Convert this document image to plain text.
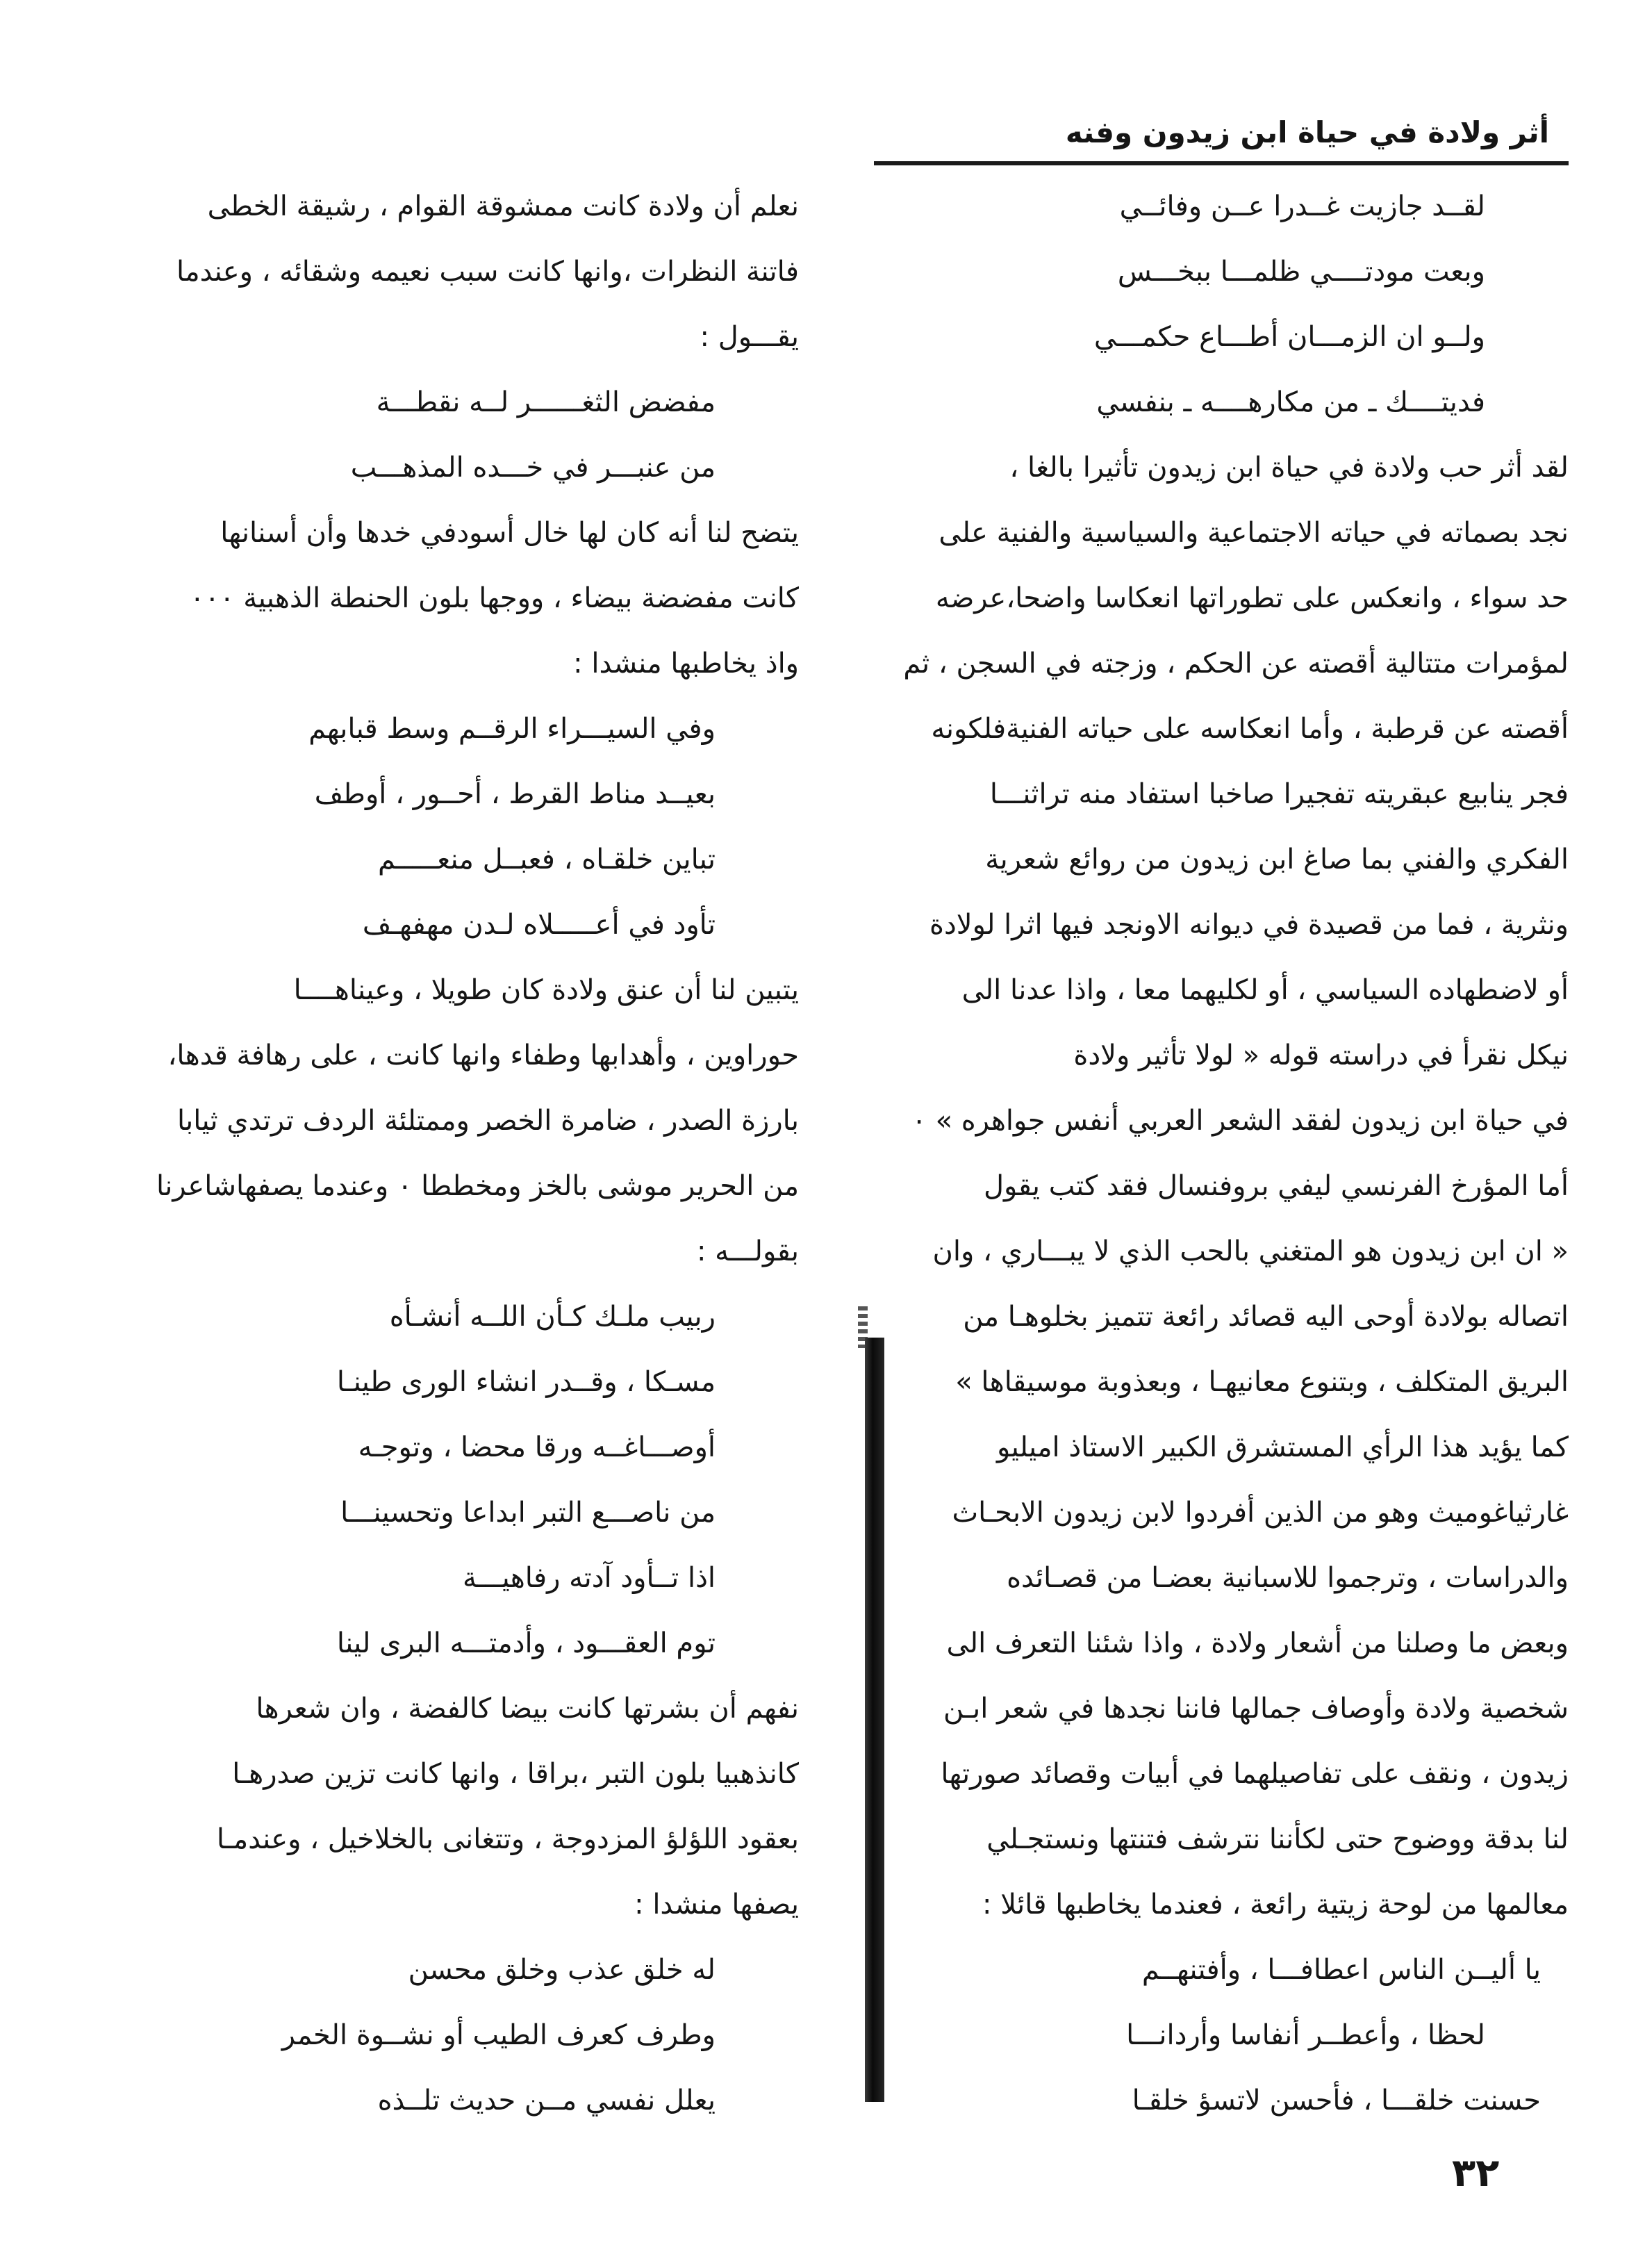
أثر ولادة في حياة ابن زيدون وفنه
لقــد جازيت غــدرا عــن وفائــي
وبعت مودتــــي ظلمـــا ببخـــس
ولــو ان الزمـــان أطـــاع حكمـــي
فديتــــك ـ من مكارهــــه ـ بنفسي
لقد أثر حب ولادة في حياة ابن زيدون تأثيرا بالغا ،
نجد بصماته في حياته الاجتماعية والسياسية والفنية على
حد سواء ، وانعكس على تطوراتها انعكاسا واضحا،عرضه
لمؤمرات متتالية أقصته عن الحكم ، وزجته في السجن ، ثم
أقصته عن قرطبة ، وأما انعكاسه على حياته الفنيةفلكونه
فجر ينابيع عبقريته تفجيرا صاخبا استفاد منه تراثنـــا
الفكري والفني بما صاغ ابن زيدون من روائع شعرية
ونثرية ، فما من قصيدة في ديوانه الاونجد فيها اثرا لولادة
أو لاضطهاده السياسي ، أو لكليهما معا ، واذا عدنا الى
نيكل نقرأ في دراسته قوله « لولا تأثير ولادة
في حياة ابن زيدون لفقد الشعر العربي أنفس جواهره » ٠
أما المؤرخ الفرنسي ليفي بروفنسال فقد كتب يقول
« ان ابن زيدون هو المتغني بالحب الذي لا يبـــاري ، وان
اتصاله بولادة أوحى اليه قصائد رائعة تتميز بخلوهـا من
البريق المتكلف ، وبتنوع معانيهـا ، وبعذوبة موسيقاها »
كما يؤيد هذا الرأي المستشرق الكبير الاستاذ اميليو
غارثياغوميث وهو من الذين أفردوا لابن زيدون الابحـاث
والدراسات ، وترجموا للاسبانية بعضـا من قصـائده
وبعض ما وصلنا من أشعار ولادة ، واذا شئنا التعرف الى
شخصية ولادة وأوصاف جمالها فاننا نجدها في شعر ابـن
زيدون ، ونقف على تفاصيلهما في أبيات وقصائد صورتها
لنا بدقة ووضوح حتى لكأننا نترشف فتنتها ونستجـلي
معالمها من لوحة زيتية رائعة ، فعندما يخاطبها قائلا :
يا أليــن الناس اعطافـــا ، وأفتنهــم
لحظا ، وأعطــر أنفاسا وأردانـــا
حسنت خلقـــا ، فأحسن لاتسؤ خلقـا
نعلم أن ولادة كانت ممشوقة القوام ، رشيقة الخطى
فاتنة النظرات ،وانها كانت سبب نعيمه وشقائه ، وعندما
يقـــول :
مفضض الثغــــــر لــه نقطـــة
من عنبـــر في خـــده المذهـــب
يتضح لنا أنه كان لها خال أسودفي خدها وأن أسنانها
كانت مفضضة بيضاء ، ووجها بلون الحنطة الذهبية ٠٠٠
واذ يخاطبها منشدا :
وفي السيـــراء الرقــم وسط قبابهم
بعيــد مناط القرط ، أحــور ، أوطف
تباين خلقـاه ، فعبــل منعـــــم
تأود في أعـــــلاه لـدن مهفهـف
يتبين لنا أن عنق ولادة كان طويلا ، وعيناهــــا
حوراوين ، وأهدابها وطفاء وانها كانت ، على رهافة قدها،
بارزة الصدر ، ضامرة الخصر وممتلئة الردف ترتدي ثيابا
من الحرير موشى بالخز ومخططا ٠ وعندما يصفهاشاعرنا
بقولـــه :
ربيب ملـك كـأن اللــه أنشـأه
مسـكا ، وقــدر انشاء الورى طينـا
أوصـــاغــه ورقا محضا ، وتوجـه
من ناصـــع التبر ابداعا وتحسينـــا
اذا تــأود آدته رفاهيـــة
توم العقـــود ، وأدمتـــه البرى لينا
نفهم أن بشرتها كانت بيضا كالفضة ، وان شعرها
كانذهبيا بلون التبر ،براقا ، وانها كانت تزين صدرهـا
بعقود اللؤلؤ المزدوجة ، وتتغانى بالخلاخيل ، وعندمـا
يصفها منشدا :
له خلق عذب وخلق محسن
وطرف كعرف الطيب أو نشــوة الخمر
يعلل نفسي مــن حديث تلــذه
٣٢
